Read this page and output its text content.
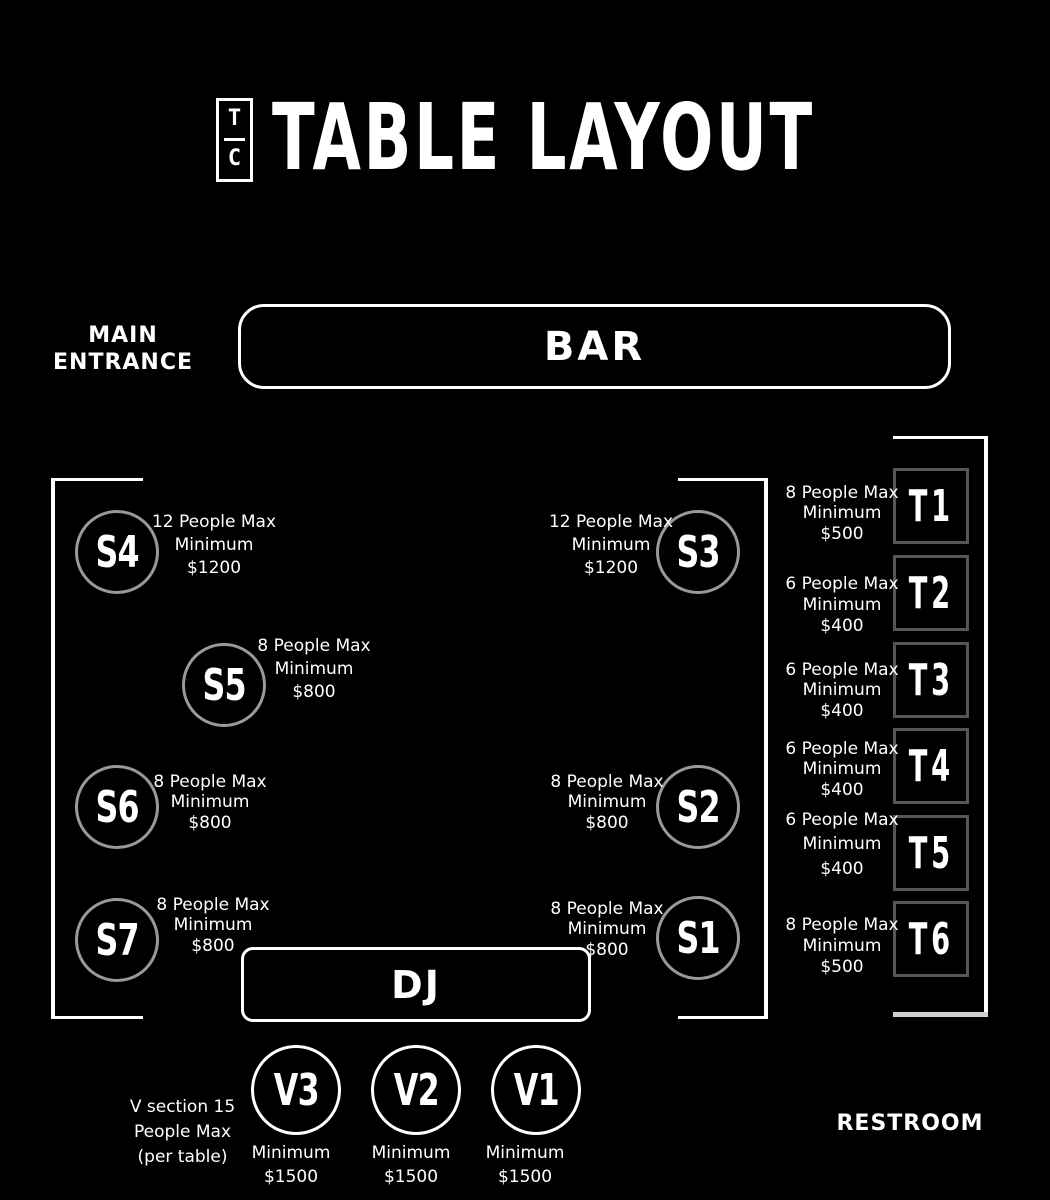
T
C TABLE LAYOUT
MAIN
ENTRANCE	BAR
DJ
RESTROOM
S4
12 People Max
Minimum
$1200	S3
12 People Max
Minimum
$1200
S5
8 People Max
Minimum
$800
S6 8 People Max
Minimum
$800	S2
8 People Max
Minimum
$800
S7
8 People Max
Minimum
$800	S1
8 People Max
Minimum
$800
T1
8 People Max
Minimum
$500
T2
6 People Max
Minimum
$400
T3
6 People Max
Minimum
$400
T4
6 People Max
Minimum
$400
T5
6 People Max
Minimum
$400
T6
8 People Max
Minimum
$500
V section 15
People Max
(per table)
V3
Minimum
$1500
V2
Minimum
$1500
V1
Minimum
$1500
